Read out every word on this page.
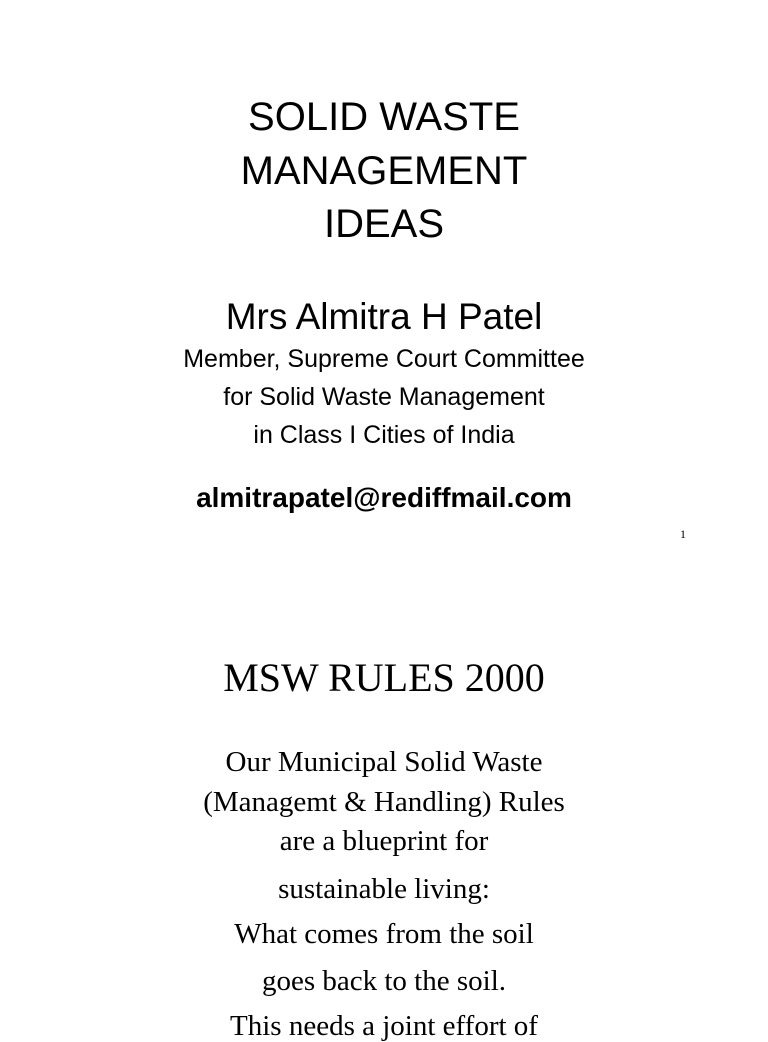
SOLID WASTE
MANAGEMENT
IDEAS
Mrs Almitra H Patel
Member, Supreme Court Committee
for Solid Waste Management
in Class I Cities of India
almitrapatel@rediffmail.com
1
MSW RULES 2000
Our Municipal Solid Waste
(Managemt & Handling) Rules
are a blueprint for
sustainable living:
What comes from the soil
goes back to the soil.
This needs a joint effort of
